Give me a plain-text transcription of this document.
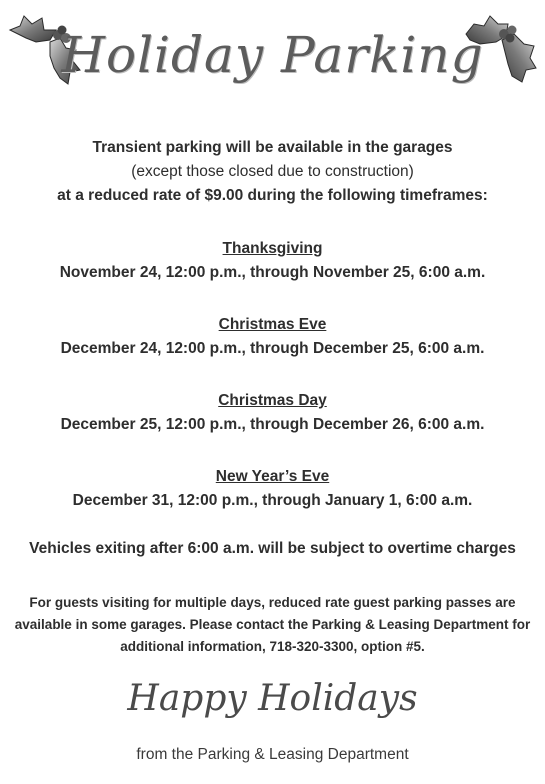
Holiday Parking
Transient parking will be available in the garages
(except those closed due to construction)
at a reduced rate of $9.00 during the following timeframes:
Thanksgiving
November 24, 12:00 p.m., through November 25, 6:00 a.m.
Christmas Eve
December 24, 12:00 p.m., through December 25, 6:00 a.m.
Christmas Day
December 25, 12:00 p.m., through December 26, 6:00 a.m.
New Year’s Eve
December 31, 12:00 p.m., through January 1, 6:00 a.m.
Vehicles exiting after 6:00 a.m. will be subject to overtime charges
For guests visiting for multiple days, reduced rate guest parking passes are available in some garages. Please contact the Parking & Leasing Department for additional information, 718-320-3300, option #5.
Happy Holidays
from the Parking & Leasing Department
